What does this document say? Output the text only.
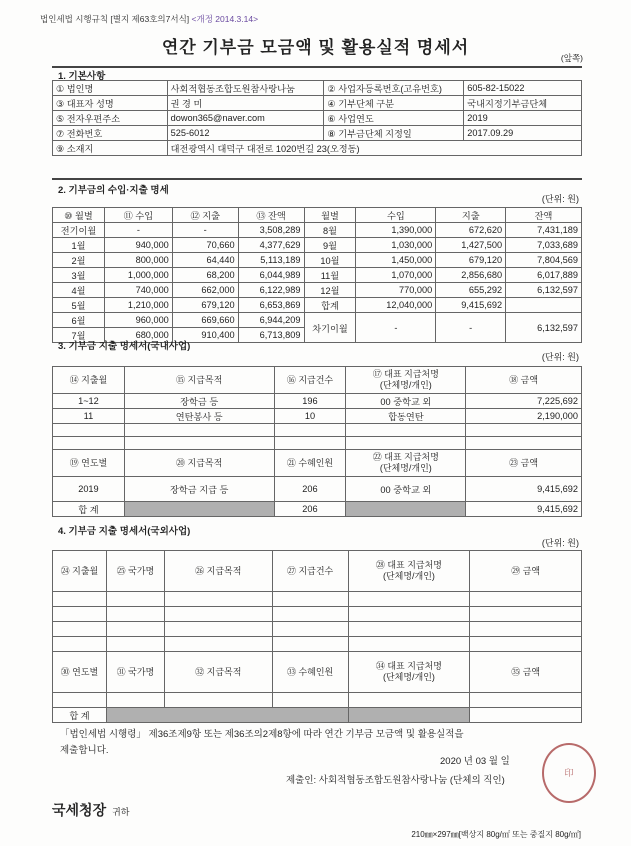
법인세법 시행규칙 [별지 제63호의7서식] <개정 2014.3.14>
연간 기부금 모금액 및 활용실적 명세서
(앞쪽)
1. 기본사항
① 법인명	사회적협동조합도원참사랑나눔	② 사업자등록번호(고유번호)	605-82-15022
③ 대표자 성명	권 경 미	④ 기부단체 구분	국내지정기부금단체
⑤ 전자우편주소	dowon365@naver.com	⑥ 사업연도	2019
⑦ 전화번호	525-6012	⑧ 기부금단체 지정일	2017.09.29
⑨ 소재지	대전광역시 대덕구 대전로 1020번길 23(오정동)		
2. 기부금의 수입·지출 명세
(단위: 원)
⑩ 월별	⑪ 수입	⑫ 지출	⑬ 잔액	월별	수입	지출	잔액
전기이월	-	-	3,508,289	8월	1,390,000	672,620	7,431,189
1월	940,000	70,660	4,377,629	9월	1,030,000	1,427,500	7,033,689
2월	800,000	64,440	5,113,189	10월	1,450,000	679,120	7,804,569
3월	1,000,000	68,200	6,044,989	11월	1,070,000	2,856,680	6,017,889
4월	740,000	662,000	6,122,989	12월	770,000	655,292	6,132,597
5월	1,210,000	679,120	6,653,869	합계	12,040,000	9,415,692	
6월	960,000	669,660	6,944,209	차기이월	-	-	6,132,597
7월	680,000	910,400	6,713,809				
3. 기부금 지출 명세서(국내사업)
(단위: 원)
⑭ 지출월	⑮ 지급목적	⑯ 지급건수	⑰ 대표 지급처명
(단체명/개인)	⑱ 금액
1~12	장학금 등	196	00 중학교 외	7,225,692
11	연탄봉사 등	10	합동연탄	2,190,000

⑲ 연도별	⑳ 지급목적	㉑ 수혜인원	㉒ 대표 지급처명
(단체명/개인)	㉓ 금액
2019	장학금 지급 등	206	00 중학교 외	9,415,692
합 계		206		9,415,692
4. 기부금 지출 명세서(국외사업)
(단위: 원)
㉔ 지출월	㉕ 국가명	㉖ 지급목적	㉗ 지급건수	㉘ 대표 지급처명
(단체명/개인)	㉙ 금액

㉚ 연도별	㉛ 국가명	㉜ 지급목적	㉝ 수혜인원	㉞ 대표 지급처명
(단체명/개인)	㉟ 금액

합 계					
「법인세법 시행령」 제36조제9항 또는 제36조의2제8항에 따라 연간 기부금 모금액 및 활용실적을
제출합니다.
2020 년 03 월 일
제출인: 사회적협동조합도원참사랑나눔 (단체의 직인)
印
국세청장 귀하
210㎜×297㎜[백상지 80g/㎡ 또는 중질지 80g/㎡]
